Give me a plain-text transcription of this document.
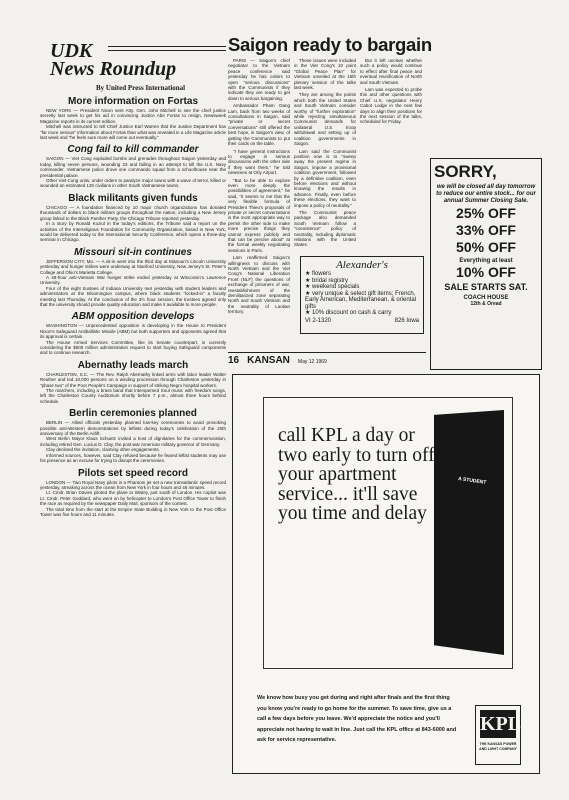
UDK
News Roundup
By United Press International
More information on Fortas

NEW YORK — President Nixon sent Atty. Gen. John Mitchell to see the chief justice secretly last week to get his aid in convincing Justice Abe Fortas to resign, Newsweek Magazine reports in its current edition.

Mitchell was instructed to tell Chief Justice Earl Warren that the Justice Department has "far more serious" information about Fortas than what was revealed in a Life Magazine article last week and "he feels sure more will come out eventually."

Cong fail to kill commander

SAIGON — Viet Cong exploded bombs and grenades throughout Saigon yesterday and today, killing seven persons, wounding 23 and failing in an attempt to kill the U.S. Navy commander. Vietnamese police drove one commando squad from a schoolhouse near the presidential palace.

Other Viet Cong units, under orders to paralyze major towns with a wave of terror, killed or wounded an estimated 130 civilians in other South Vietnamese towns.

Black militants given funds

CHICAGO — A foundation financed by 10 major church organizations has donated thousands of dollars to black militant groups throughout the nation, including a New Jersey group linked to the Black Panther Party, the Chicago Tribune reported yesterday.

In a story by Ronald Koziol in the today's editions, the Tribune said a report on the activities of the Interreligious Foundation for Community Organization, based in New York, would be delivered today to the International Security Conference, which opens a three-day seminar in Chicago.

Missouri sit-in continues

JEFFERSON CITY, Mo. — A sit-in went into the third day at Missouri's Lincoln University yesterday and hunger strikes were underway at Stanford University, New Jersey's St. Peter's College and Ohio's Marietta College.

A 48-hour anti-Vietnam War hunger strike ended yesterday at Wisconsin's Lawrence University.

Four of the eight trustees of Indiana University met yesterday with student leaders and administrators at the Bloomington campus, where black students "locked-in" a faculty meeting last Thursday. At the conclusion of the 3½ hour session, the trustees agreed only that the university should provide quality education and make it available to more people.

ABM opposition develops

WASHINGTON — Unprecedented opposition is developing in the House to President Nixon's Safeguard Antiballistic Missile (ABM) but both supporters and opponents agreed that its approval is certain.

The House Armed Services Committee, like its Senate counterpart, is currently considering the $600 million administration request to start buying Safeguard components and to continue research.

Abernathy leads march

CHARLESTON, S.C. — The Rev. Ralph Abernathy linked arms with labor leader Walter Reuther and led 10,000 persons on a winding procession through Charleston yesterday in "phase two" of the Poor People's Campaign in support of striking Negro hospital workers.

The marchers, including a brass band that interspersed Soul music with freedom songs, left the Charleston County Auditorium shortly before 7 p.m., almost three hours behind schedule.

Berlin ceremonies planned

BERLIN — Allied officials yesterday planned low-key ceremonies to avoid provoking possible anti-Western demonstrations by leftists during today's celebration of the 20th anniversary of the Berlin Airlift.

West Berlin Mayor Klaus Schuetz invited a host of dignitaries for the commemoration, including retired Gen. Lucius D. Clay, the post-war American military governor of Germany.

Clay declined the invitation, claiming other engagements.

Informed sources, however, said Clay refused because he feared leftist students may use his presence as an excuse for trying to disrupt the ceremonies.

Pilots set speed record

LONDON — Two Royal Navy pilots in a Phantom jet set a new transatlantic speed record yesterday, streaking across the ocean from New York in four hours and 46 minutes.

Lt. Cmdr. Brian Davies piloted the plane to Wisley, just south of London. His copilot was Lt. Cmdr. Peter Goddard, who went on by helicopter to London's Post Office Tower to finish the race as required by the newspaper Daily Mail, sponsors of the contest.

The total time from the start at the Empire State Building in New York to the Post Office Tower was five hours and 11 minutes.

Saigon ready to bargain

PARIS — Saigon's chief negotiator to the Vietnam peace conference said yesterday he has orders to open "serious discussions" with the Communists if they indicate they are ready to get down to serious bargaining.

Ambassador Pham Dang Lam, back from two weeks of consultations in Saigon, said "private or secret conversations" still offered the best hope, in Saigon's view, of getting the Communists to put their cards on the table.

"I have general instructions to engage in serious discussions with the other side if they want them," he told newsmen at Orly Airport.

"But to be able to explore even more deeply the possibilities of agreement," he said, "it seems to me that the very flexible formula of President Thieu's proposals of private or secret conversations is the most appropriate way to permit the other side to make more precise things they cannot express publicly and that can be precise about" at the formal weekly negotiating sessions in Paris.

Lam reaffirmed Saigon's willingness to discuss with North Vietnam and the Viet Cong's National Liberation Front (NLF) the questions of exchange of prisoners of war, reestablishment of the demilitarized zone separating North and South Vietnam and the neutrality of Laotian territory.

These issues were included in the Viet Cong's 10 point "Global Peace Plan" for Vietnam unveiled at the 16th plenary session of the talks last week.

They are among the points which both the United States and South Vietnam consider worthy of "further exploration" while rejecting simultaneous Communist demands for unilateral U.S. troop withdrawal and setting up of coalition governments in Saigon.

Lam said the Communist position now is to "sweep away the present regime in Saigon, impose a provisional coalition government, followed by a definitive coalition, even before elections and without knowing the results in advance. Finally, even before these elections, they want to impose a policy of neutrality."

The Communist peace package also demanded South Vietnam follow a "coexistence" policy of neutrality, including diplomatic relations with the United States.

But it left unclear whether such a policy would continue to effect after final peace and eventual reunification of North and South Vietnam.

Lam was expected to probe this and other questions with Chief U.S. negotiator Henry Cabot Lodge in the next few days to align their positions for the next session of the talks, scheduled for Friday.

Alexander's
★ flowers
★ bridal registry
★ weekend specials
★ very unique & select gift items; French, Early American, Mediterranean, & oriental gifts
★ 10% discount on cash & carry
VI 2-1320	826 Iowa
SORRY,
we will be closed all day tomorrow to reduce our entire stock... for our annual Summer Closing Sale.
25% OFF
33% OFF
50% OFF
Everything at least
10% OFF
SALE STARTS SAT.
COACH HOUSE
12th & Oread
16 KANSAN May 12 1969
A STUDENT
call KPL a day or two early to turn off your apartment service... it'll save you time and delay
We know how busy you get during and right after finals and the first thing you know you're ready to go home for the summer. To save time, give us a call a few days before you leave. We'd appreciate the notice and you'll appreciate not having to wait in line. Just call the KPL office at 843-6000 and ask for service representative.
KPL
THE KANSAS POWER AND LIGHT COMPANY
